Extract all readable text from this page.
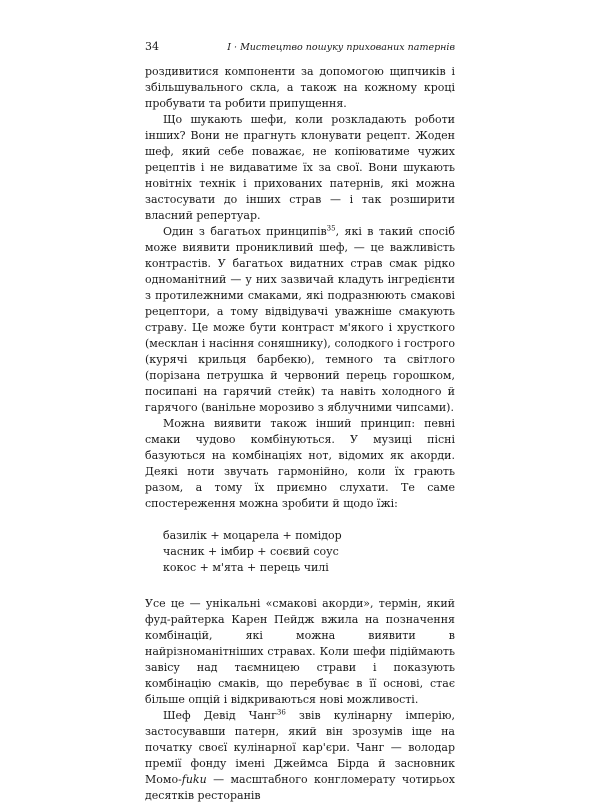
34	I · Мистецтво пошуку прихованих патернів

роздивитися компоненти за допомогою щипчиків і збільшувального скла, а також на кожному кроці пробувати та робити припущення.

Що шукають шефи, коли розкладають роботи інших? Вони не прагнуть клонувати рецепт. Жоден шеф, який себе поважає, не копіюватиме чужих рецептів і не видаватиме їх за свої. Вони шукають новітніх технік і прихованих патернів, які можна застосувати до інших страв — і так розширити власний репертуар.

Один з багатьох принципів$^{35}$, які в такий спосіб може виявити проникливий шеф, — це важливість контрастів. У багатьох видатних страв смак рідко одноманітний — у них зазвичай кладуть інгредієнти з протилежними смаками, які подразнюють смакові рецептори, а тому відвідувачі уважніше смакують страву. Це може бути контраст м'якого і хрусткого (месклан і насіння соняшнику), солодкого і гострого (курячі крильця барбекю), темного та світлого (порізана петрушка й червоний перець горошком, посипані на гарячий стейк) та навіть холодного й гарячого (ванільне морозиво з яблучними чипсами).

Можна виявити також інший принцип: певні смаки чудово комбінуються. У музиці пісні базуються на комбінаціях нот, відомих як акорди. Деякі ноти звучать гармонійно, коли їх грають разом, а тому їх приємно слухати. Те саме спостереження можна зробити й щодо їжі:

базилік + моцарела + помідор
часник + імбир + соєвий соус
кокос + м'ята + перець чилі

Усе це — унікальні «смакові акорди», термін, який фуд-райтерка Карен Пейдж вжила на позначення комбінацій, які можна виявити в найрізноманітніших стравах. Коли шефи підіймають завісу над таємницею страви і показують комбінацію смаків, що перебуває в її основі, стає більше опцій і відкриваються нові можливості.

Шеф Девід Чанг$^{36}$ звів кулінарну імперію, застосувавши патерн, який він зрозумів іще на початку своєї кулінарної кар'єри. Чанг — володар премії фонду імені Джеймса Бірда й засновник Момо-fuku — масштабного конгломерату чотирьох десятків ресторанів
